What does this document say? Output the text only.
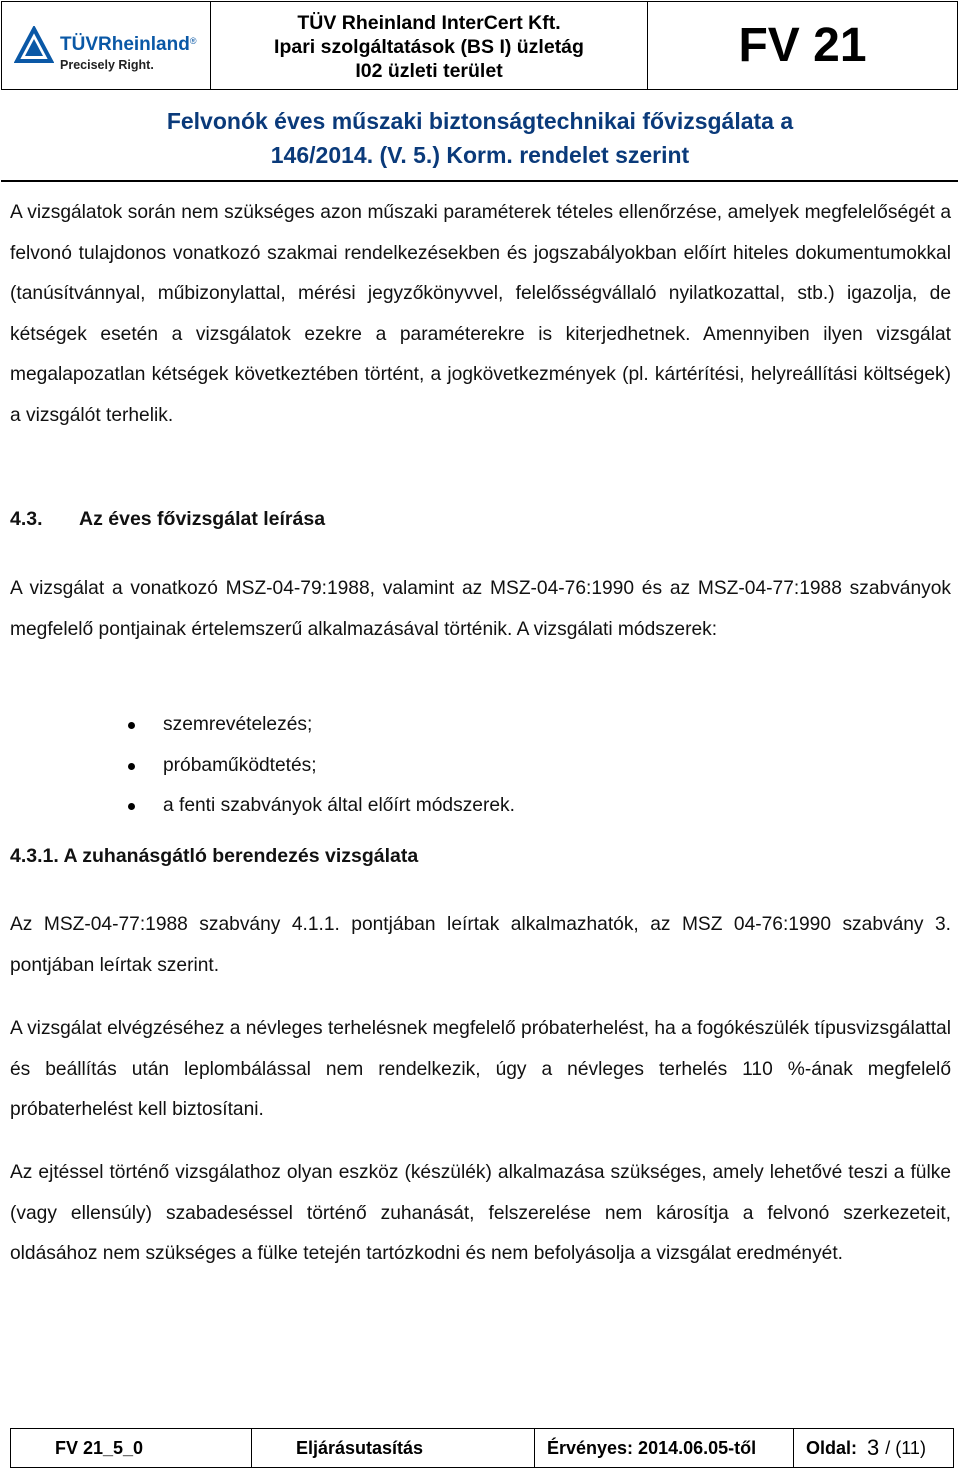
TÜVRheinland®
Precisely Right.
TÜV Rheinland InterCert Kft.
Ipari szolgáltatások (BS I) üzletág
I02 üzleti terület	FV 21
Felvonók éves műszaki biztonságtechnikai fővizsgálata a
146/2014. (V. 5.) Korm. rendelet szerint

A vizsgálatok során nem szükséges azon műszaki paraméterek tételes ellenőrzése, amelyek megfelelőségét a felvonó tulajdonos vonatkozó szakmai rendelkezésekben és jogszabályokban előírt hiteles dokumentumokkal (tanúsítvánnyal, műbizonylattal, mérési jegyzőkönyvvel, felelősségvállaló nyilatkozattal, stb.) igazolja, de kétségek esetén a vizsgálatok ezekre a paraméterekre is kiterjedhetnek. Amennyiben ilyen vizsgálat megalapozatlan kétségek következtében történt, a jogkövetkezmények (pl. kártérítési, helyreállítási költségek) a vizsgálót terhelik.

4.3. Az éves fővizsgálat leírása

A vizsgálat a vonatkozó MSZ-04-79:1988, valamint az MSZ-04-76:1990 és az MSZ-04-77:1988 szabványok megfelelő pontjainak értelemszerű alkalmazásával történik. A vizsgálati módszerek:

szemrevételezés;
próbaműködtetés;
a fenti szabványok által előírt módszerek.
4.3.1. A zuhanásgátló berendezés vizsgálata

Az MSZ-04-77:1988 szabvány 4.1.1. pontjában leírtak alkalmazhatók, az MSZ 04-76:1990 szabvány 3. pontjában leírtak szerint.

A vizsgálat elvégzéséhez a névleges terhelésnek megfelelő próbaterhelést, ha a fogókészülék típusvizsgálattal és beállítás után leplombálással nem rendelkezik, úgy a névleges terhelés 110 %-ának megfelelő próbaterhelést kell biztosítani.

Az ejtéssel történő vizsgálathoz olyan eszköz (készülék) alkalmazása szükséges, amely lehetővé teszi a fülke (vagy ellensúly) szabadeséssel történő zuhanását, felszerelése nem károsítja a felvonó szerkezeteit, oldásához nem szükséges a fülke tetején tartózkodni és nem befolyásolja a vizsgálat eredményét.

FV 21_5_0	Eljárásutasítás	Érvényes: 2014.06.05-től	Oldal: 3 / (11)
